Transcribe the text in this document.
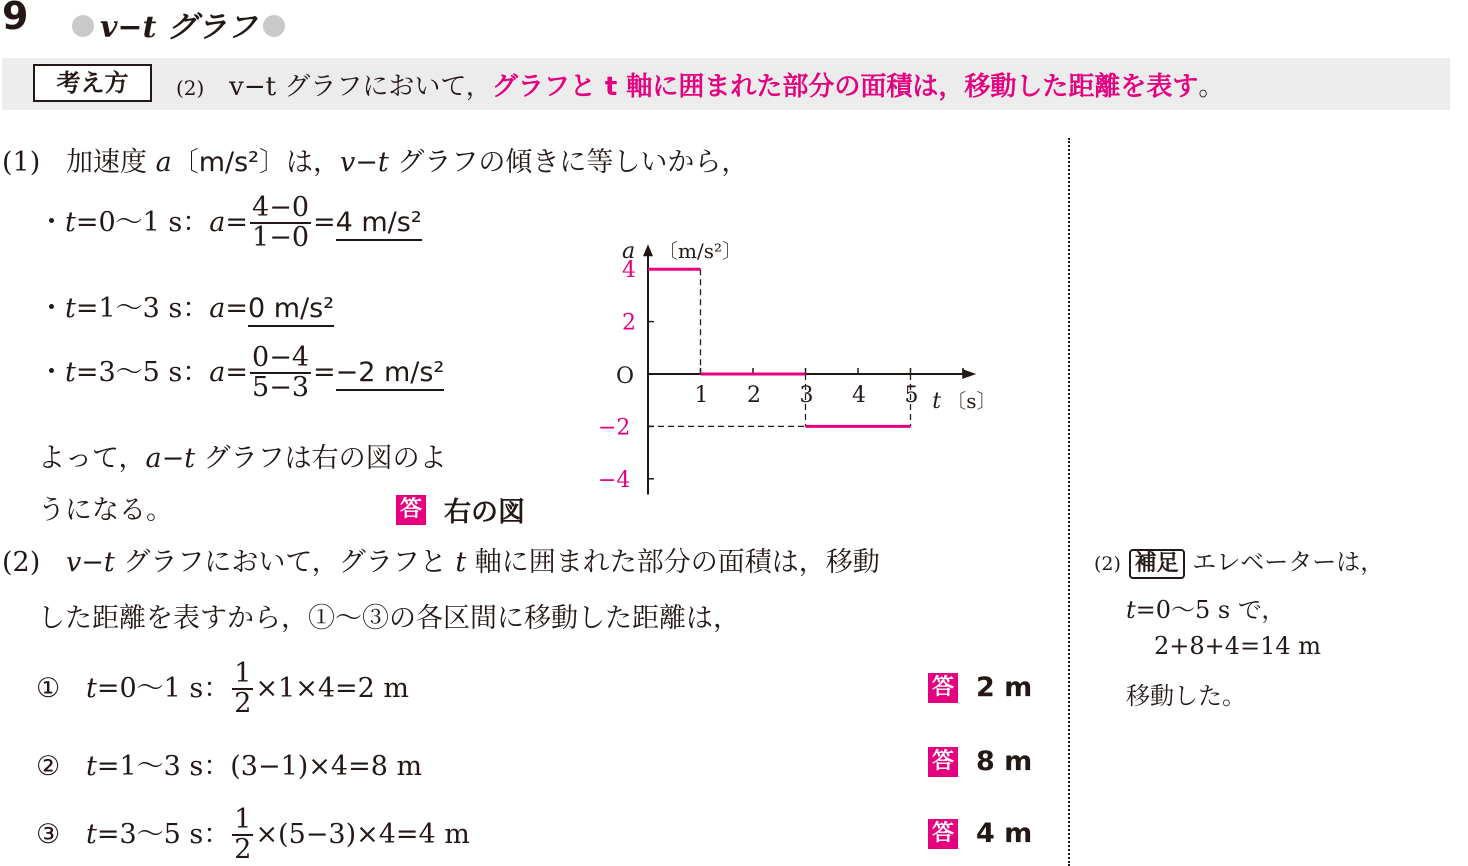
9	v−t グラフ
考え方	(2) v−t グラフにおいて，グラフと t 軸に囲まれた部分の面積は，移動した距離を表す。
(1) 加速度 a〔m/s²〕は，v−t グラフの傾きに等しいから，
・t=0〜1 s：$a= \frac{4-0}{1-0} =4$ m/s²
・t=1〜3 s：a=0 m/s²
・t=3〜5 s：$a= \frac{0-4}{5-3} =-2$ m/s²
よって，a−t グラフは右の図のよ
うになる。	答 右の図
a 〔m/s²〕
O
1 2 3 4 5
4
2
−2
−4
t 〔s〕
(2) v−t グラフにおいて，グラフと t 軸に囲まれた部分の面積は，移動
した距離を表すから，①〜③の各区間に移動した距離は，
① t=0〜1 s： $\frac{1}{2} \times 1\times 4=2$ m	答 2 m
② t=1〜3 s：(3−1)×4=8 m	答 8 m
③ t=3〜5 s： $\frac{1}{2} \times(5-3)\times 4=4$ m	答 4 m
(2) 補足 エレベーターは，
t=0〜5 s で，
2+8+4=14 m
移動した。
